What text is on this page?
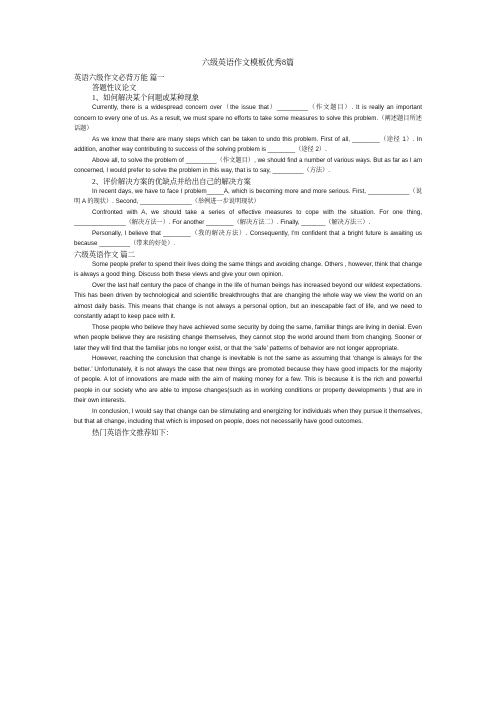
六级英语作文模板优秀8篇
英语六级作文必背万能 篇一
答题性议论文
1、如何解决某个问题或某种现象

Currently, there is a widespread concern over（the issue that）_________（作文题目）. It is really an important concern to every one of us. As a result, we must spare no efforts to take some measures to solve this problem.（阐述题目所述话题）

As we know that there are many steps which can be taken to undo this problem. First of all, ________（途径 1）. In addition, another way contributing to success of the solving problem is ________（途径 2）.

Above all, to solve the problem of _________（作文题目）, we should find a number of various ways. But as far as I am concerned, I would prefer to solve the problem in this way, that is to say, _________（方法）.

2、评价解决方案的优缺点并给出自己的解决方案

In recent days, we have to face I problem_____A, which is becoming more and more serious. First, ____________（说明 A 的现状）. Second, _______________（举例进一步说明现状）

Confronted with A, we should take a series of effective measures to cope with the situation. For one thing, _______________（解决方法一）. For another ________（解决方法二）. Finally, _______（解决方法三）.

Personally, I believe that ________（我的解决方法）. Consequently, I'm confident that a bright future is awaiting us because _________（带来的好处）.

六级英语作文 篇二

Some people prefer to spend their lives doing the same things and avoiding change. Others , however, think that change is always a good thing. Discuss both these views and give your own opinion.

Over the last half century the pace of change in the life of human beings has increased beyond our wildest expectations. This has been driven by technological and scientific breakthroughs that are changing the whole way we view the world on an almost daily basis. This means that change is not always a personal option, but an inescapable fact of life, and we need to constantly adapt to keep pace with it.

Those people who believe they have achieved some security by doing the same, familiar things are living in denial. Even when people believe they are resisting change themselves, they cannot stop the world around them from changing. Sooner or later they will find that the familiar jobs no longer exist, or that the ‘safe’ patterns of behavior are not longer appropriate.

However, reaching the conclusion that change is inevitable is not the same as assuming that ‘change is always for the better.’ Unfortunately, it is not always the case that new things are promoted because they have good impacts for the majority of people. A lot of innovations are made with the aim of making money for a few. This is because it is the rich and powerful people in our society who are able to impose changes(such as in working conditions or property developments ) that are in their own interests.

In conclusion, I would say that change can be stimulating and energizing for individuals when they pursue it themselves, but that all change, including that which is imposed on people, does not necessarily have good outcomes.

热门英语作文推荐如下：
